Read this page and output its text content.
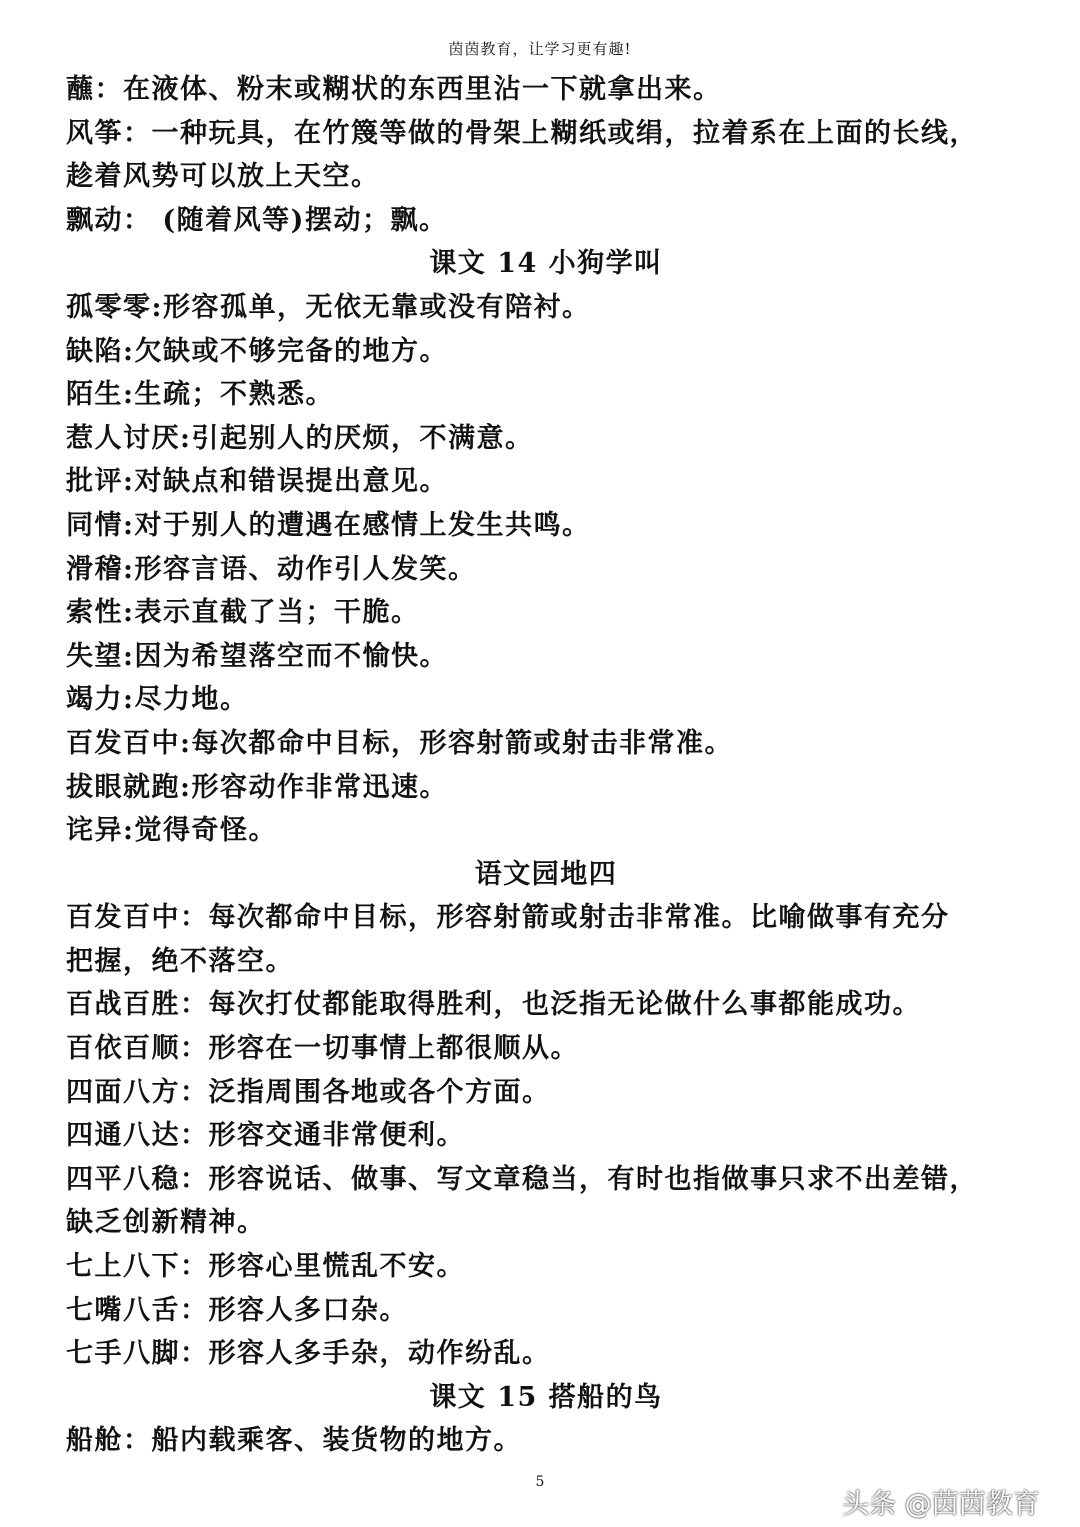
茵茵教育，让学习更有趣!
蘸：在液体、粉末或糊状的东西里沾一下就拿出来。
风筝：一种玩具，在竹篾等做的骨架上糊纸或绢，拉着系在上面的长线，
趁着风势可以放上天空。
飘动： (随着风等)摆动；飘。
课文 14 小狗学叫
孤零零:形容孤单，无依无靠或没有陪衬。
缺陷:欠缺或不够完备的地方。
陌生:生疏；不熟悉。
惹人讨厌:引起别人的厌烦，不满意。
批评:对缺点和错误提出意见。
同情:对于别人的遭遇在感情上发生共鸣。
滑稽:形容言语、动作引人发笑。
索性:表示直截了当；干脆。
失望:因为希望落空而不愉快。
竭力:尽力地。
百发百中:每次都命中目标，形容射箭或射击非常准。
拔眼就跑:形容动作非常迅速。
诧异:觉得奇怪。
语文园地四
百发百中：每次都命中目标，形容射箭或射击非常准。比喻做事有充分
把握，绝不落空。
百战百胜：每次打仗都能取得胜利，也泛指无论做什么事都能成功。
百依百顺：形容在一切事情上都很顺从。
四面八方：泛指周围各地或各个方面。
四通八达：形容交通非常便利。
四平八稳：形容说话、做事、写文章稳当，有时也指做事只求不出差错，
缺乏创新精神。
七上八下：形容心里慌乱不安。
七嘴八舌：形容人多口杂。
七手八脚：形容人多手杂，动作纷乱。
课文 15 搭船的鸟
船舱：船内载乘客、装货物的地方。
5
头条 @茵茵教育
